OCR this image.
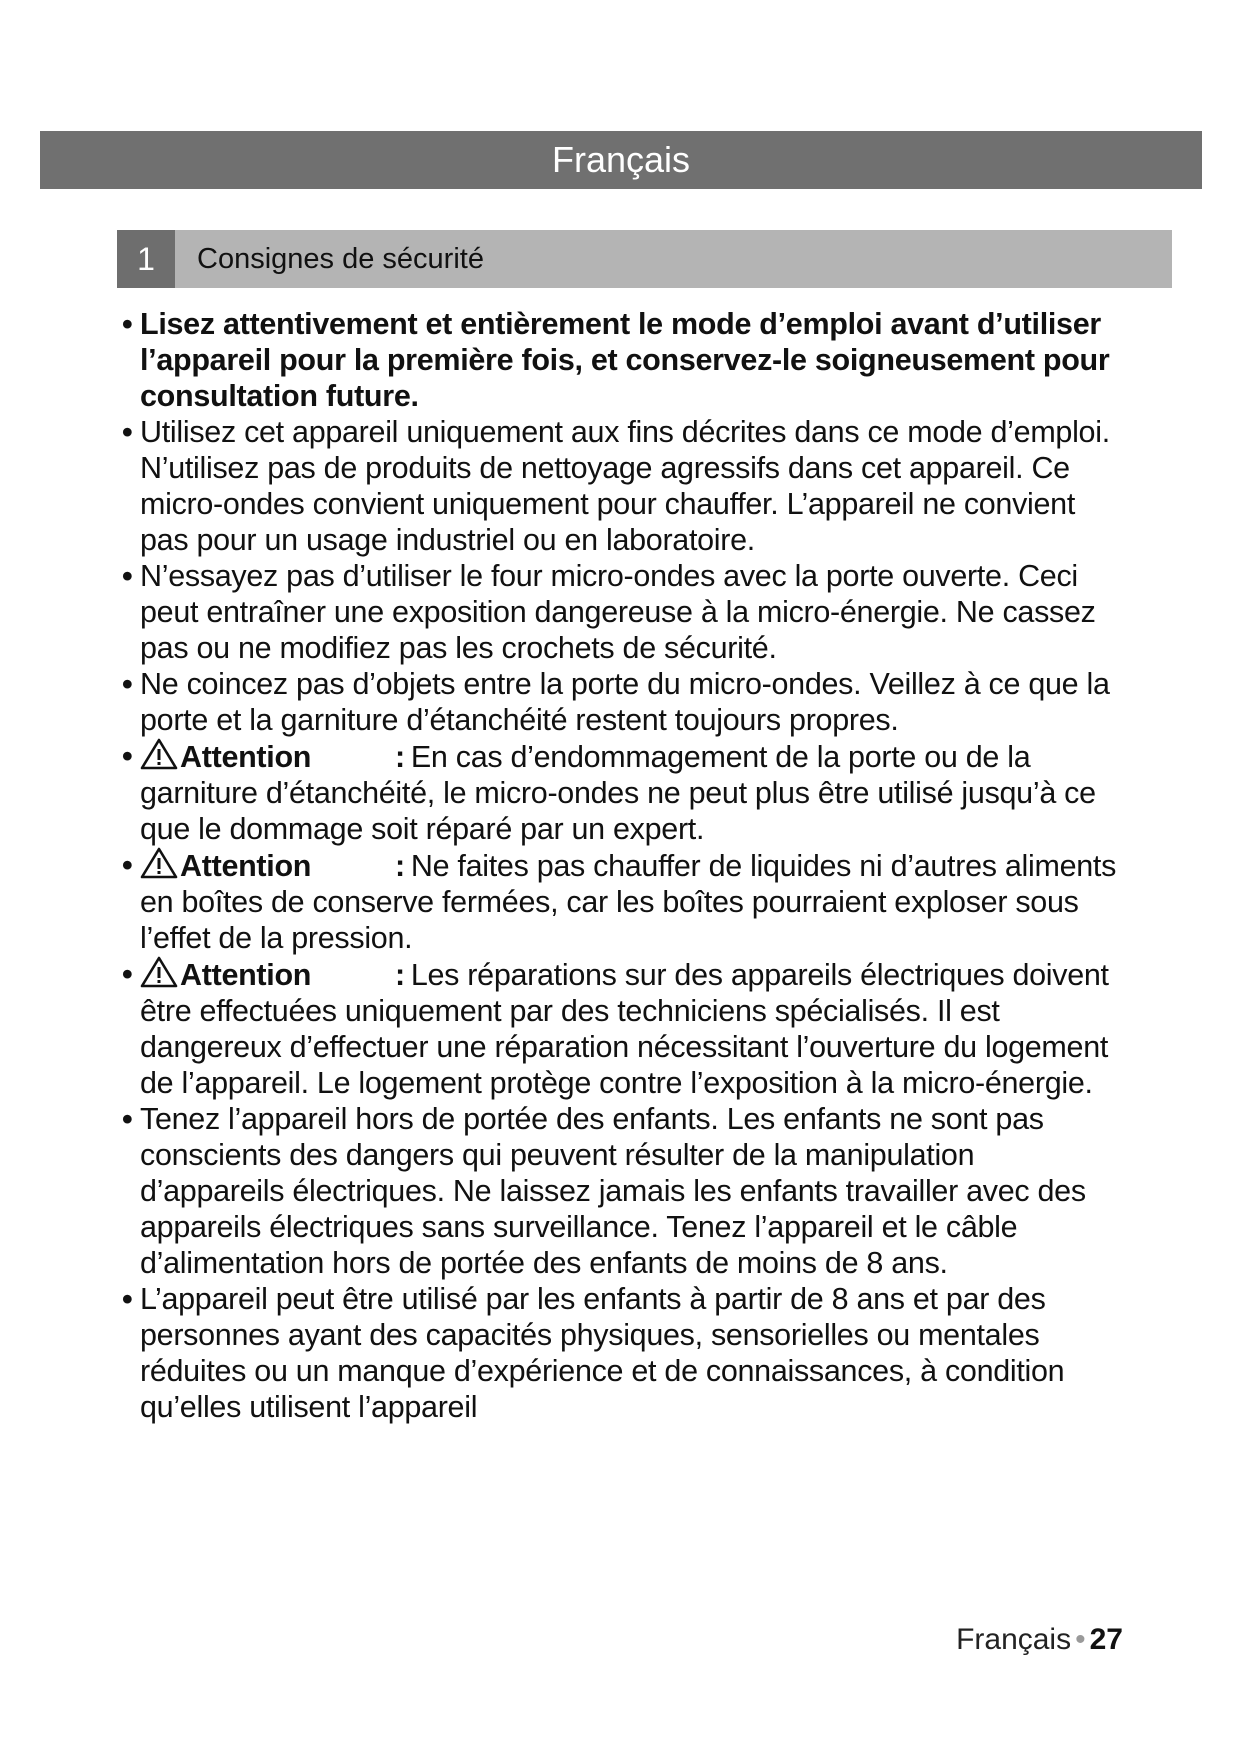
Français
1	Consignes de sécurité
• Lisez attentivement et entièrement le mode d’emploi avant d’utiliser l’appareil pour la première fois, et conservez-le soigneusement pour consultation future.
• Utilisez cet appareil uniquement aux fins décrites dans ce mode d’emploi. N’utilisez pas de produits de nettoyage agressifs dans cet appareil. Ce micro-ondes convient uniquement pour chauffer. L’appareil ne convient pas pour un usage industriel ou en laboratoire.
• N’essayez pas d’utiliser le four micro-ondes avec la porte ouverte. Ceci peut entraîner une exposition dangereuse à la micro-énergie. Ne cassez pas ou ne modifiez pas les crochets de sécurité.
• Ne coincez pas d’objets entre la porte du micro-ondes. Veillez à ce que la porte et la garniture d’étanchéité restent toujours propres.
• Attention	: En cas d’endommagement de la porte ou de la garniture d’étanchéité, le micro-ondes ne peut plus être utilisé jusqu’à ce que le dommage soit réparé par un expert.
• Attention	: Ne faites pas chauffer de liquides ni d’autres aliments en boîtes de conserve fermées, car les boîtes pourraient exploser sous l’effet de la pression.
• Attention	: Les réparations sur des appareils électriques doivent être effectuées uniquement par des techniciens spécialisés. Il est dangereux d’effectuer une réparation nécessitant l’ouverture du logement de l’appareil. Le logement protège contre l’exposition à la micro-énergie.
• Tenez l’appareil hors de portée des enfants. Les enfants ne sont pas conscients des dangers qui peuvent résulter de la manipulation d’appareils électriques. Ne laissez jamais les enfants travailler avec des appareils électriques sans surveillance. Tenez l’appareil et le câble d’alimentation hors de portée des enfants de moins de 8 ans.
• L’appareil peut être utilisé par les enfants à partir de 8 ans et par des personnes ayant des capacités physiques, sensorielles ou mentales réduites ou un manque d’expérience et de connaissances, à condition qu’elles utilisent l’appareil
Français • 27
